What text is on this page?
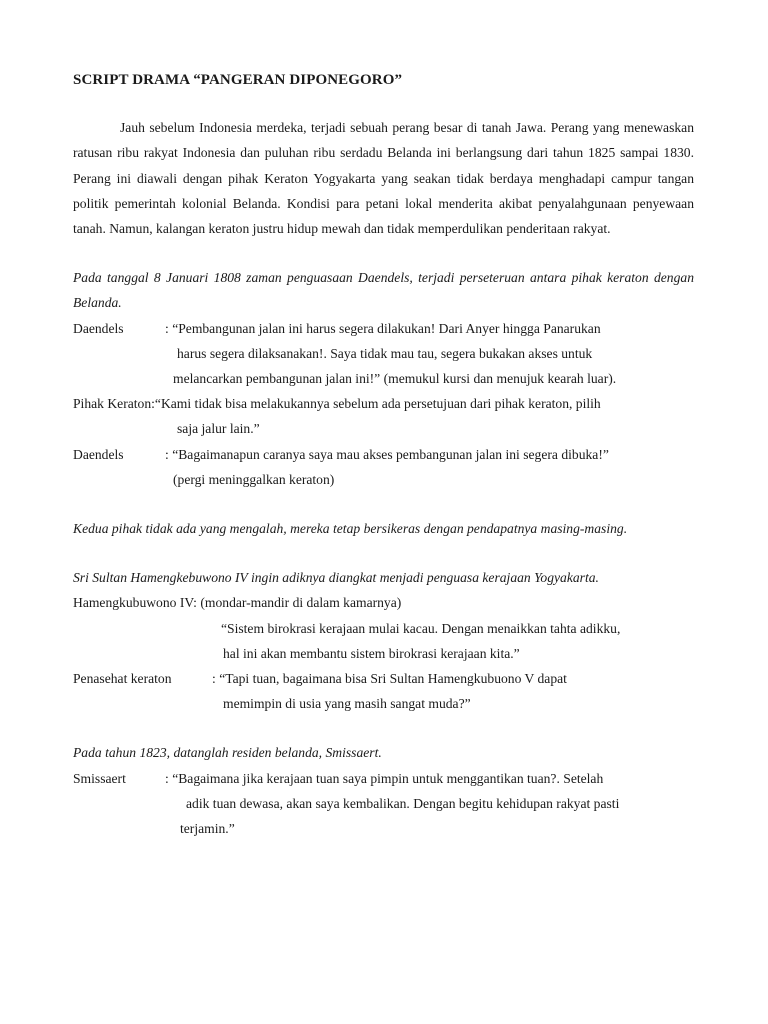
SCRIPT DRAMA “PANGERAN DIPONEGORO”

Jauh sebelum Indonesia merdeka, terjadi sebuah perang besar di tanah Jawa. Perang yang menewaskan ratusan ribu rakyat Indonesia dan puluhan ribu serdadu Belanda ini berlangsung dari tahun 1825 sampai 1830. Perang ini diawali dengan pihak Keraton Yogyakarta yang seakan tidak berdaya menghadapi campur tangan politik pemerintah kolonial Belanda. Kondisi para petani lokal menderita akibat penyalahgunaan penyewaan tanah. Namun, kalangan keraton justru hidup mewah dan tidak memperdulikan penderitaan rakyat.

Pada tanggal 8 Januari 1808 zaman penguasaan Daendels, terjadi perseteruan antara pihak keraton dengan Belanda.

Daendels	: “Pembangunan jalan ini harus segera dilakukan! Dari Anyer hingga Panarukan
harus segera dilaksanakan!. Saya tidak mau tau, segera bukakan akses untuk
melancarkan pembangunan jalan ini!” (memukul kursi dan menujuk kearah luar).
Pihak Keraton: “Kami tidak bisa melakukannya sebelum ada persetujuan dari pihak keraton, pilih
saja jalur lain.”
Daendels	: “Bagaimanapun caranya saya mau akses pembangunan jalan ini segera dibuka!”
(pergi meninggalkan keraton)

Kedua pihak tidak ada yang mengalah, mereka tetap bersikeras dengan pendapatnya masing-masing.

Sri Sultan Hamengkebuwono IV ingin adiknya diangkat menjadi penguasa kerajaan Yogyakarta.

Hamengkubuwono IV:
(mondar-mandir di dalam kamarnya)
“Sistem birokrasi kerajaan mulai kacau. Dengan menaikkan tahta adikku,
hal ini akan membantu sistem birokrasi kerajaan kita.”
Penasehat keraton	: “Tapi tuan, bagaimana bisa Sri Sultan Hamengkubuono V dapat
memimpin di usia yang masih sangat muda?”

Pada tahun 1823, datanglah residen belanda, Smissaert.

Smissaert	: “Bagaimana jika kerajaan tuan saya pimpin untuk menggantikan tuan?. Setelah
adik tuan dewasa, akan saya kembalikan. Dengan begitu kehidupan rakyat pasti
terjamin.”
